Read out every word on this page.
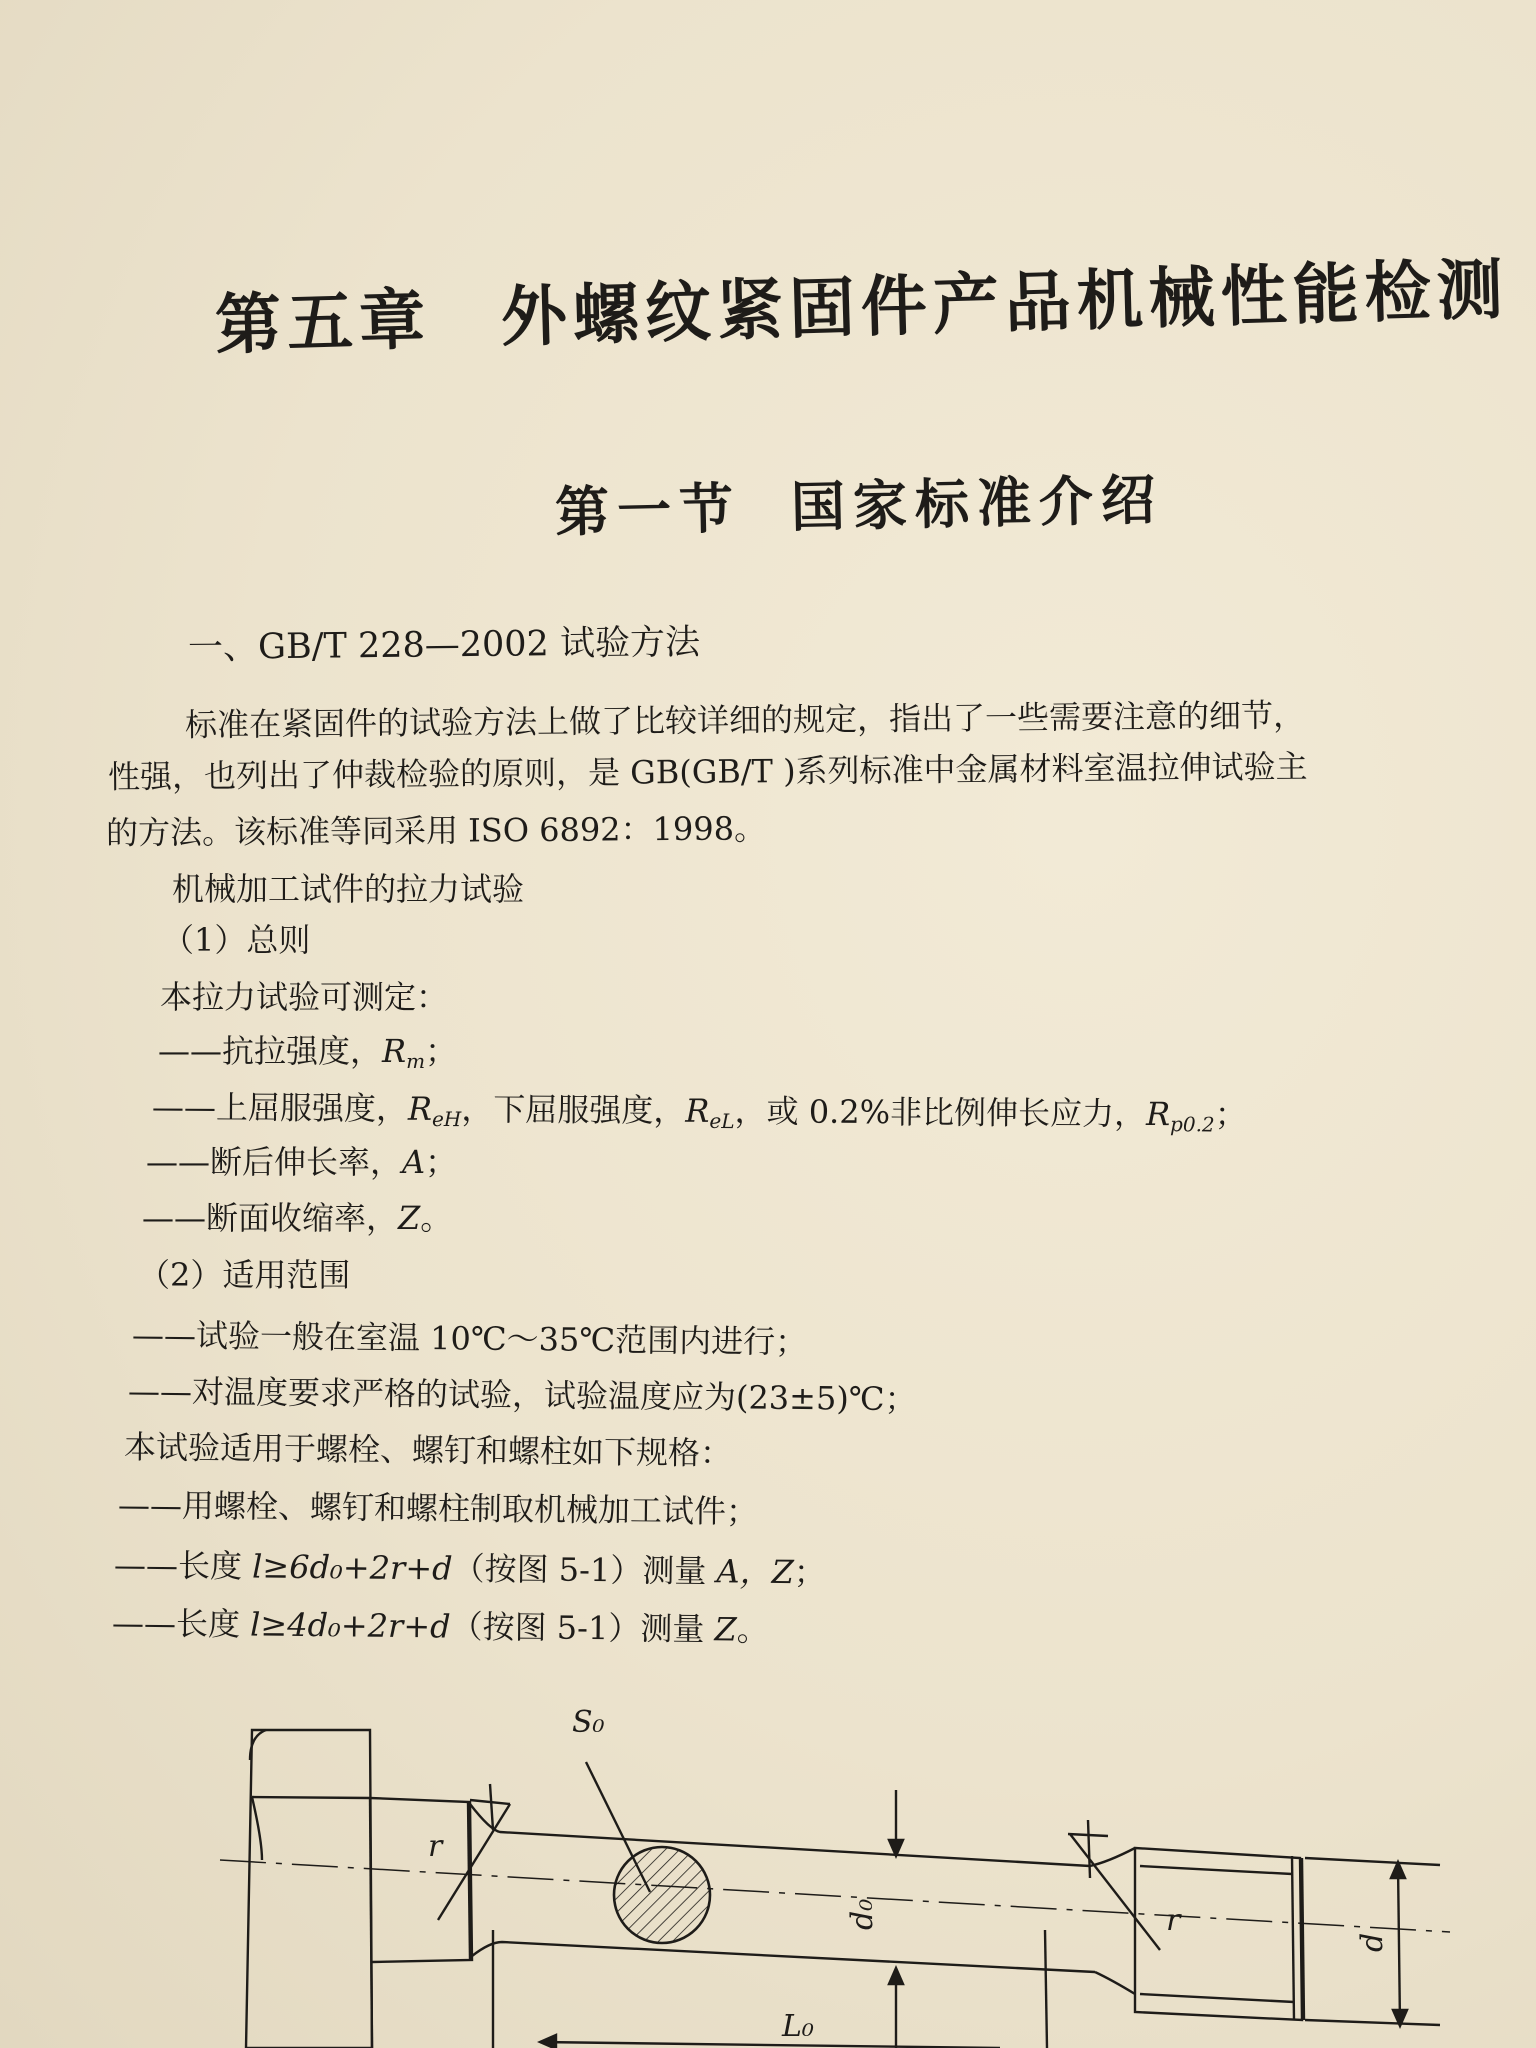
第五章 外螺纹紧固件产品机械性能检测
第一节 国家标准介绍
一、GB/T 228—2002 试验方法
标准在紧固件的试验方法上做了比较详细的规定，指出了一些需要注意的细节，
性强，也列出了仲裁检验的原则，是 GB(GB/T )系列标准中金属材料室温拉伸试验主
的方法。该标准等同采用 ISO 6892：1998。
机械加工试件的拉力试验
（1）总则
本拉力试验可测定：
——抗拉强度，$R_m$；
——上屈服强度，$R_{eH}$，下屈服强度，$R_{eL}$，或 0.2%非比例伸长应力，$R_{p0.2}$；
——断后伸长率，A；
——断面收缩率，Z。
（2）适用范围
——试验一般在室温 10℃～35℃范围内进行；
——对温度要求严格的试验，试验温度应为(23±5)℃；
本试验适用于螺栓、螺钉和螺柱如下规格：
——用螺栓、螺钉和螺柱制取机械加工试件；
——长度 l≥6d₀+2r+d（按图 5-1）测量 A，Z；
——长度 l≥4d₀+2r+d（按图 5-1）测量 Z。
S₀
r
d₀	r
d
L₀
